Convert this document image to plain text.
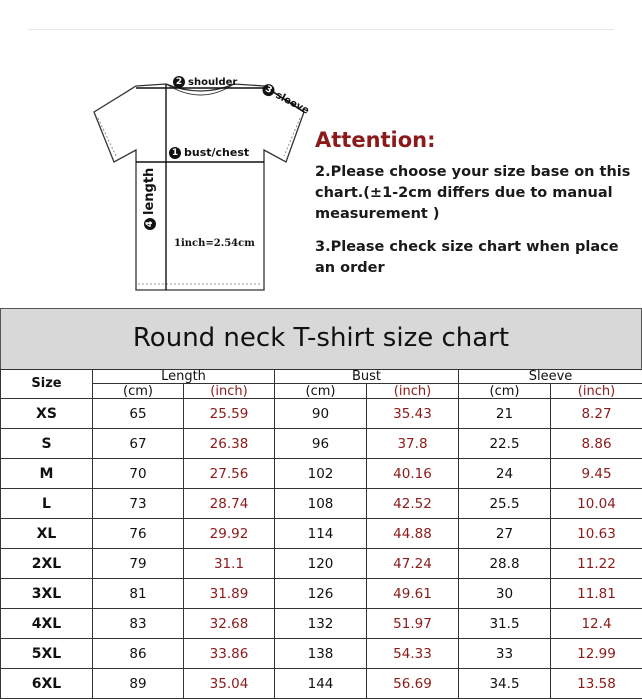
2 shoulder
3sleeve
1 bust/chest
4length
1inch=2.54cm
Attention:
2.Please choose your size base on this chart.(±1-2cm differs due to manual measurement )
3.Please check size chart when place an order
Round neck T-shirt size chart
Size	Length		Bust		Sleeve	
	(cm)	(inch)	(cm)	(inch)	(cm)	(inch)
XS	65	25.59	90	35.43	21	8.27
S	67	26.38	96	37.8	22.5	8.86
M	70	27.56	102	40.16	24	9.45
L	73	28.74	108	42.52	25.5	10.04
XL	76	29.92	114	44.88	27	10.63
2XL	79	31.1	120	47.24	28.8	11.22
3XL	81	31.89	126	49.61	30	11.81
4XL	83	32.68	132	51.97	31.5	12.4
5XL	86	33.86	138	54.33	33	12.99
6XL	89	35.04	144	56.69	34.5	13.58
